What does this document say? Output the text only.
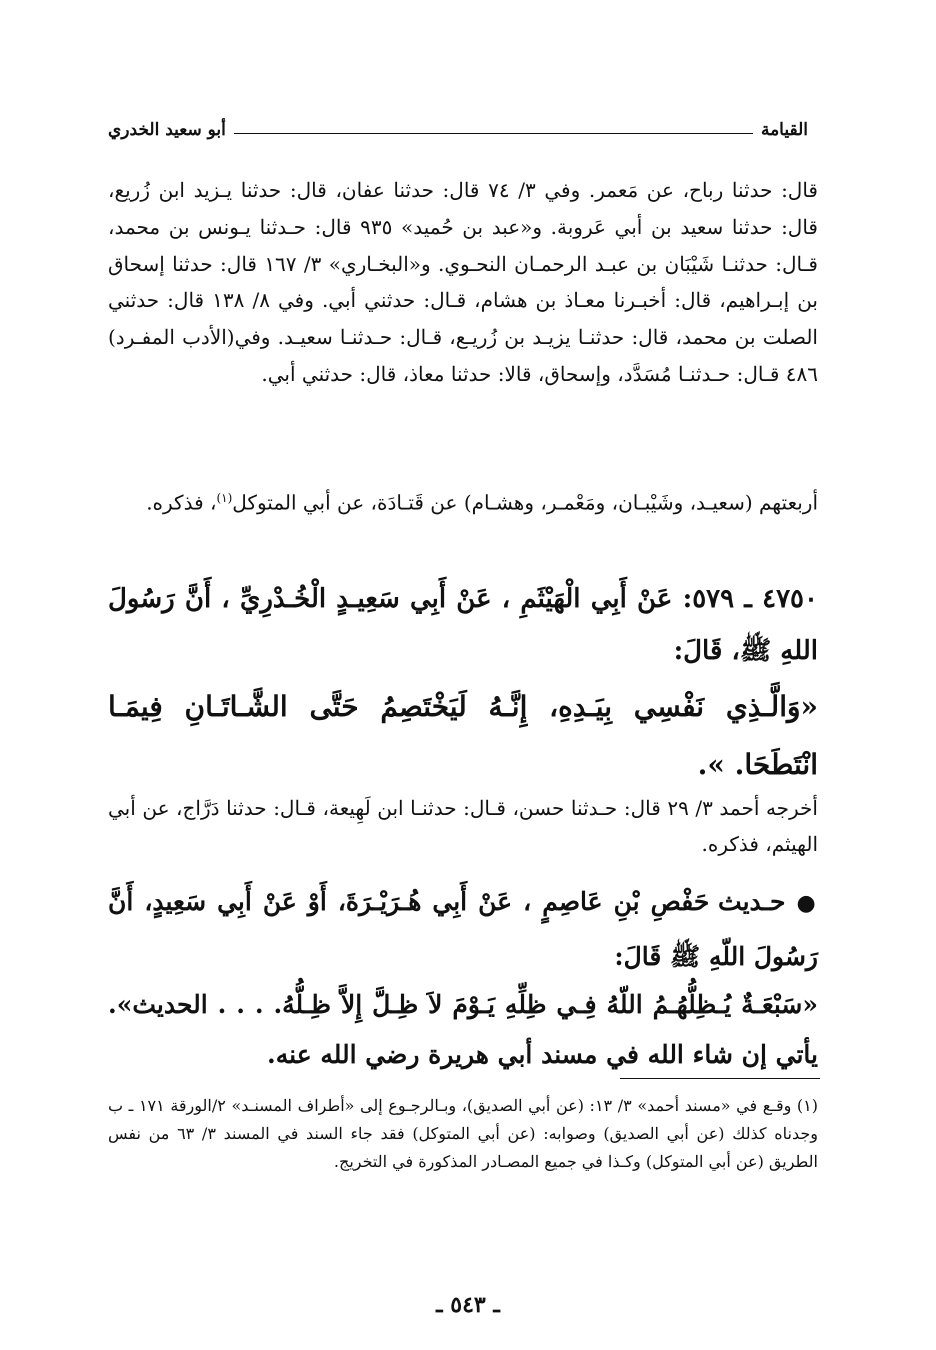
القيامة
أبو سعيد الخدري
قال: حدثنا رباح، عن مَعمر. وفي ٣/ ٧٤ قال: حدثنا عفان، قال: حدثنا يـزيد ابن زُريع، قال: حدثنا سعيد بن أبي عَروبة. و«عبد بن حُميد» ٩٣٥ قال: حـدثنا يـونس بن محمد، قـال: حدثنـا شَيْبَان بن عبـد الرحمـان النحـوي. و«البخـاري» ٣/ ١٦٧ قال: حدثنا إسحاق بن إبـراهيم، قال: أخبـرنا معـاذ بن هشام، قـال: حدثني أبي. وفي ٨/ ١٣٨ قال: حدثني الصلت بن محمد، قال: حدثنـا يزيـد بن زُريـع، قـال: حـدثنـا سعيـد. وفي(الأدب المفـرد) ٤٨٦ قـال: حـدثنـا مُسَدَّد، وإسحاق، قالا: حدثنا معاذ، قال: حدثني أبي.
أربعتهم (سعيـد، وشَيْبـان، ومَعْمـر، وهشـام) عن قَتـادَة، عن أبي المتوكل$^{(١)}$، فذكره.
٤٧٥٠ ـ ٥٧٩: عَنْ أَبِي الْهَيْثَمِ ، عَنْ أَبِي سَعِيـدٍ الْخُـدْرِيِّ ، أَنَّ رَسُولَ اللهِ ﷺ، قَالَ:
«وَالَّـذِي نَفْسِي بِيَـدِهِ، إِنَّـهُ لَيَخْتَصِمُ حَتَّى الشَّـاتَـانِ فِيمَـا انْتَطَحَا. ».
أخرجه أحمد ٣/ ٢٩ قال: حـدثنا حسن، قـال: حدثنـا ابن لَهِيعة، قـال: حدثنا دَرَّاج، عن أبي الهيثم، فذكره.
● حـديث حَفْصِ بْنِ عَاصِمٍ ، عَنْ أَبِي هُـرَيْـرَةَ، أَوْ عَنْ أَبِي سَعِيدٍ، أَنَّ رَسُولَ اللّهِ ﷺ قَالَ:
«سَبْعَـةٌ يُـظِلُّهُـمُ اللّهُ فِـي ظِلِّهِ يَـوْمَ لاَ ظِـلَّ إِلاَّ ظِـلُّهُ. . . . الحديث». يأتي إن شاء الله في مسند أبي هريرة رضي الله عنه.
(١) وقـع في «مسند أحمد» ٣/ ١٣: (عن أبي الصديق)، وبـالرجـوع إلى «أطراف المسنـد» ٢/الورقة ١٧١ ـ ب وجدناه كذلك (عن أبي الصديق) وصوابه: (عن أبي المتوكل) فقد جاء السند في المسند ٣/ ٦٣ من نفس الطريق (عن أبي المتوكل) وكـذا في جميع المصـادر المذكورة في التخريج.
ـ ٥٤٣ ـ
